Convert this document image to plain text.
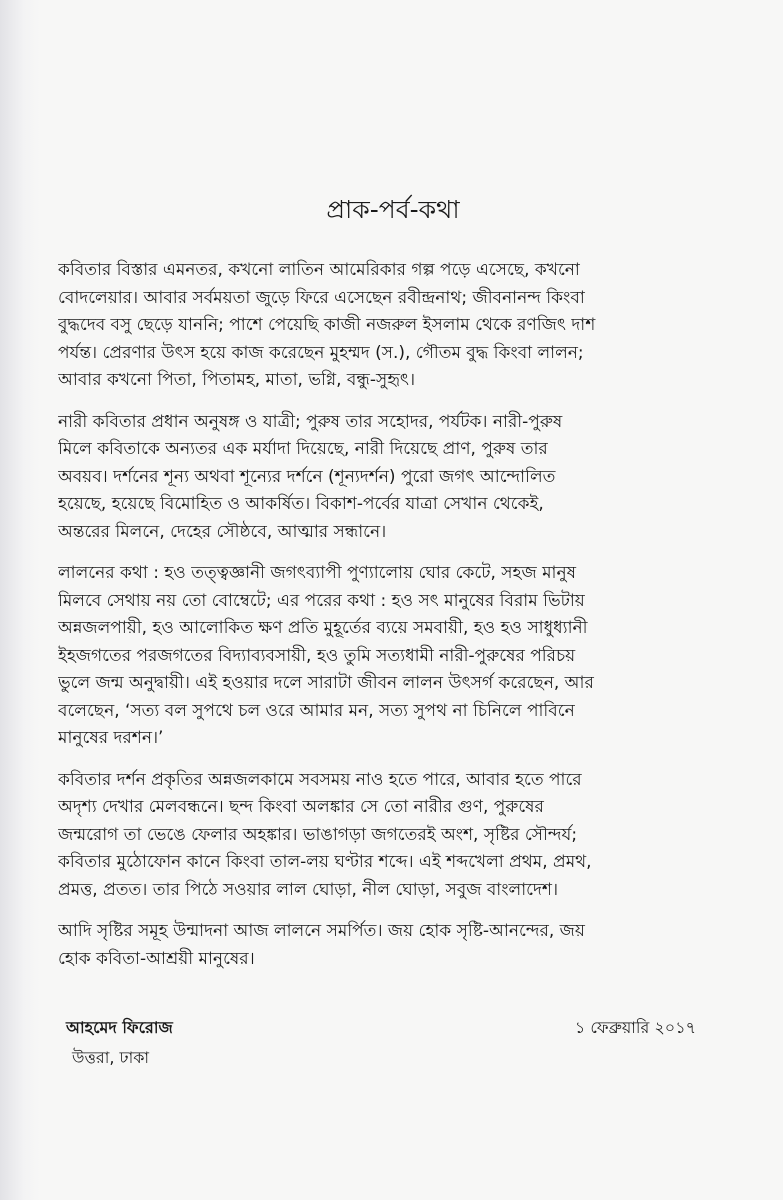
প্রাক-পর্ব-কথা

কবিতার বিস্তার এমনতর, কখনো লাতিন আমেরিকার গল্প পড়ে এসেছে, কখনো
বোদলেয়ার। আবার সর্বময়তা জুড়ে ফিরে এসেছেন রবীন্দ্রনাথ; জীবনানন্দ কিংবা
বুদ্ধদেব বসু ছেড়ে যাননি; পাশে পেয়েছি কাজী নজরুল ইসলাম থেকে রণজিৎ দাশ
পর্যন্ত। প্রেরণার উৎস হয়ে কাজ করেছেন মুহম্মদ (স.), গৌতম বুদ্ধ কিংবা লালন;
আবার কখনো পিতা, পিতামহ, মাতা, ভগ্নি, বন্ধু-সুহৃৎ।

নারী কবিতার প্রধান অনুষঙ্গ ও যাত্রী; পুরুষ তার সহোদর, পর্যটক। নারী-পুরুষ
মিলে কবিতাকে অন্যতর এক মর্যাদা দিয়েছে, নারী দিয়েছে প্রাণ, পুরুষ তার
অবয়ব। দর্শনের শূন্য অথবা শূন্যের দর্শনে (শূন্যদর্শন) পুরো জগৎ আন্দোলিত
হয়েছে, হয়েছে বিমোহিত ও আকর্ষিত। বিকাশ-পর্বের যাত্রা সেখান থেকেই,
অন্তরের মিলনে, দেহের সৌষ্ঠবে, আত্মার সন্ধানে।

লালনের কথা : হও তত্ত্বজ্ঞানী জগৎব্যাপী পুণ্যালোয় ঘোর কেটে, সহজ মানুষ
মিলবে সেথায় নয় তো বোম্বেটে; এর পরের কথা : হও সৎ মানুষের বিরাম ভিটায়
অন্নজলপায়ী, হও আলোকিত ক্ষণ প্রতি মুহূর্তের ব্যয়ে সমবায়ী, হও হও সাধুধ্যানী
ইহজগতের পরজগতের বিদ্যাব্যবসায়ী, হও তুমি সত্যধামী নারী-পুরুষের পরিচয়
ভুলে জন্ম অনুদ্বায়ী। এই হওয়ার দলে সারাটা জীবন লালন উৎসর্গ করেছেন, আর
বলেছেন, ‘সত্য বল সুপথে চল ওরে আমার মন, সত্য সুপথ না চিনিলে পাবিনে
মানুষের দরশন।’

কবিতার দর্শন প্রকৃতির অন্নজলকামে সবসময় নাও হতে পারে, আবার হতে পারে
অদৃশ্য দেখার মেলবন্ধনে। ছন্দ কিংবা অলঙ্কার সে তো নারীর গুণ, পুরুষের
জন্মরোগ তা ভেঙে ফেলার অহঙ্কার। ভাঙাগড়া জগতেরই অংশ, সৃষ্টির সৌন্দর্য;
কবিতার মুঠোফোন কানে কিংবা তাল-লয় ঘণ্টার শব্দে। এই শব্দখেলা প্রথম, প্রমথ,
প্রমত্ত, প্রতত। তার পিঠে সওয়ার লাল ঘোড়া, নীল ঘোড়া, সবুজ বাংলাদেশ।

আদি সৃষ্টির সমূহ উন্মাদনা আজ লালনে সমর্পিত। জয় হোক সৃষ্টি-আনন্দের, জয়
হোক কবিতা-আশ্রয়ী মানুষের।

আহমেদ ফিরোজ
উত্তরা, ঢাকা
১ ফেব্রুয়ারি ২০১৭
